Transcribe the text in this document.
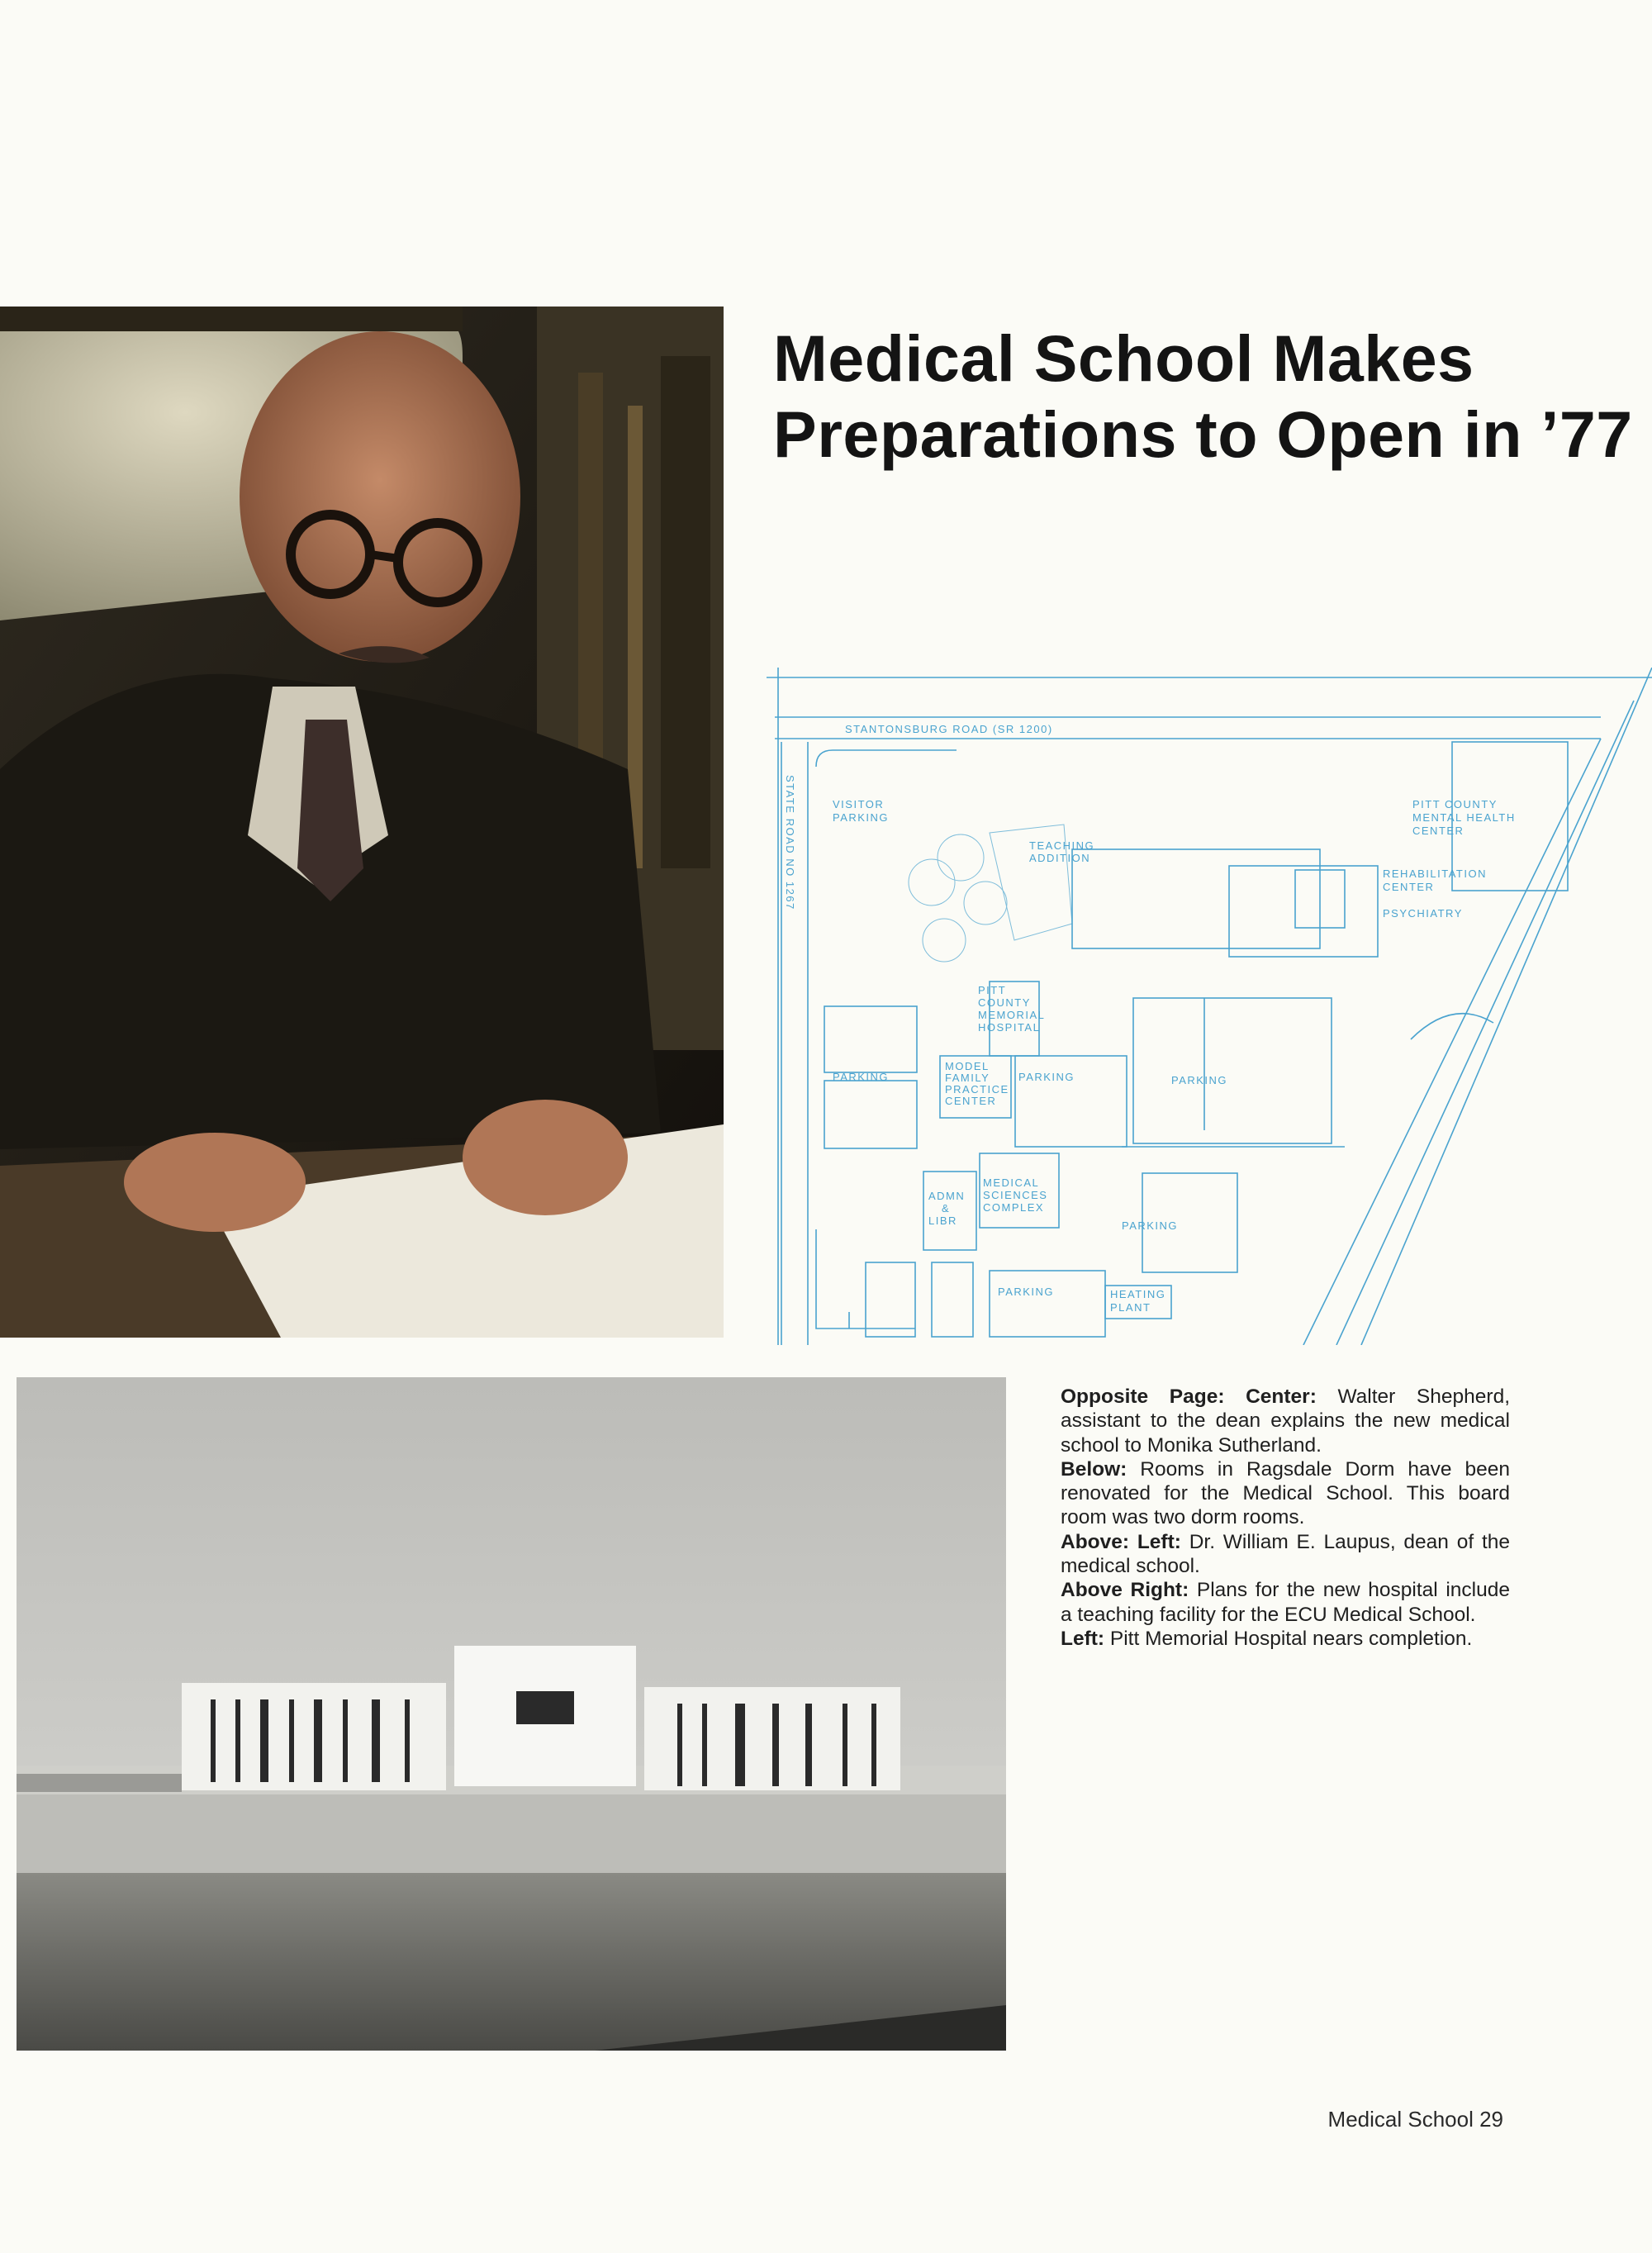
Medical School Makes
Preparations to Open in ’77
STANTONSBURG ROAD (SR 1200)
STATE ROAD NO 1267	VISITOR
PARKING
TEACHING
ADDITION
PITT COUNTY
MENTAL HEALTH
CENTER
REHABILITATION
CENTER
PSYCHIATRY
PITT
COUNTY
MEMORIAL
HOSPITAL
MODEL
FAMILY
PRACTICE
CENTER
PARKING	PARKING	PARKING
PARKING
PARKING
MEDICAL
SCIENCES
COMPLEX
ADMN
&
LIBR
HEATING
PLANT

Opposite Page: Center: Walter Shepherd, assistant to the dean explains the new medical school to Monika Sutherland.

Below: Rooms in Ragsdale Dorm have been renovated for the Medical School. This board room was two dorm rooms.

Above: Left: Dr. William E. Laupus, dean of the medical school.

Above Right: Plans for the new hospital include a teaching facility for the ECU Medical School.

Left: Pitt Memorial Hospital nears completion.

Medical School 29
